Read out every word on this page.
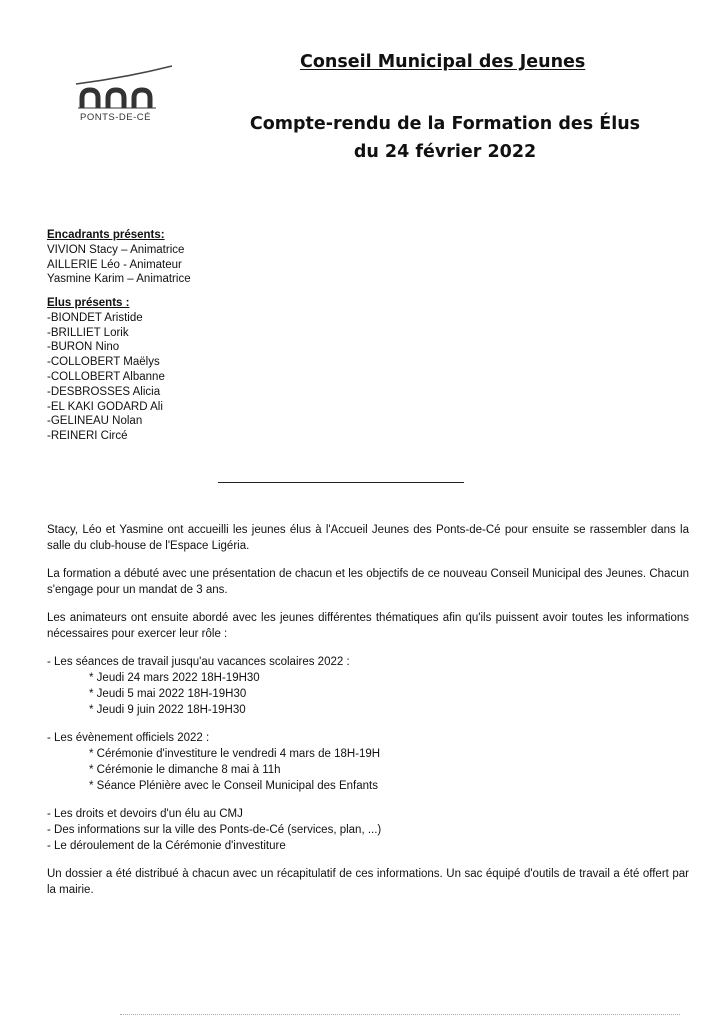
PONTS-DE-CÉ
Conseil Municipal des Jeunes
Compte-rendu de la Formation des Élus
du 24 février 2022
Encadrants présents:
VIVION Stacy – Animatrice
AILLERIE Léo - Animateur
Yasmine Karim – Animatrice
Elus présents :
-BIONDET Aristide
-BRILLIET Lorik
-BURON Nino
-COLLOBERT Maëlys
-COLLOBERT Albanne
-DESBROSSES Alicia
-EL KAKI GODARD Ali
-GELINEAU Nolan
-REINERI Circé

Stacy, Léo et Yasmine ont accueilli les jeunes élus à l'Accueil Jeunes des Ponts-de-Cé pour ensuite se rassembler dans la salle du club-house de l'Espace Ligéria.

La formation a débuté avec une présentation de chacun et les objectifs de ce nouveau Conseil Municipal des Jeunes. Chacun s'engage pour un mandat de 3 ans.

Les animateurs ont ensuite abordé avec les jeunes différentes thématiques afin qu'ils puissent avoir toutes les informations nécessaires pour exercer leur rôle :

- Les séances de travail jusqu'au vacances scolaires 2022 :
* Jeudi 24 mars 2022 18H-19H30
* Jeudi 5 mai 2022 18H-19H30
* Jeudi 9 juin 2022 18H-19H30
- Les évènement officiels 2022 :
* Cérémonie d'investiture le vendredi 4 mars de 18H-19H
* Cérémonie le dimanche 8 mai à 11h
* Séance Plénière avec le Conseil Municipal des Enfants
- Les droits et devoirs d'un élu au CMJ
- Des informations sur la ville des Ponts-de-Cé (services, plan, ...)
- Le déroulement de la Cérémonie d'investiture

Un dossier a été distribué à chacun avec un récapitulatif de ces informations. Un sac équipé d'outils de travail a été offert par la mairie.
